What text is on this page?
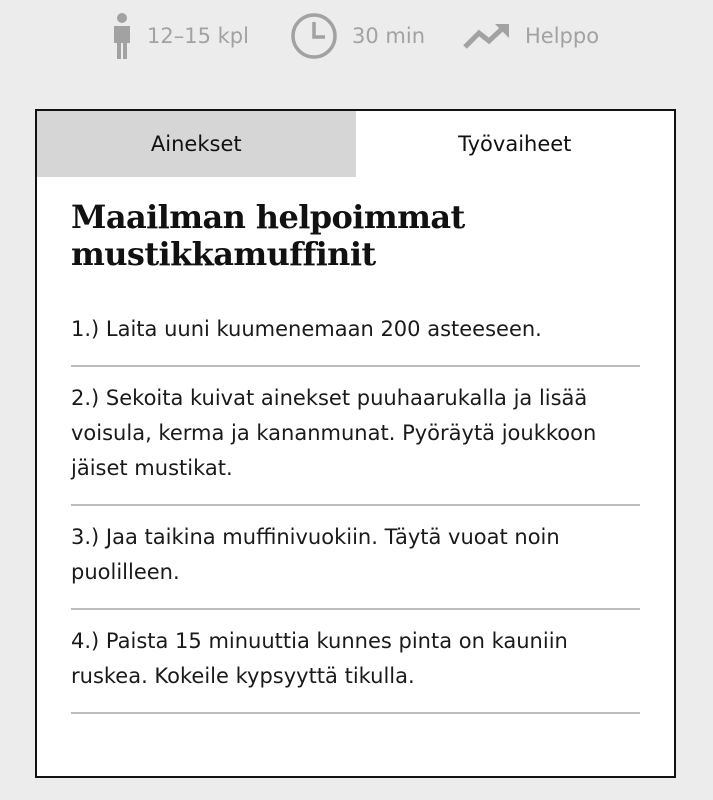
12–15 kpl	30 min	Helppo
Ainekset	Työvaiheet
Maailman helpoimmat mustikkamuffinit
1.) Laita uuni kuumenemaan 200 asteeseen.
2.) Sekoita kuivat ainekset puuhaarukalla ja lisää voisula, kerma ja kananmunat. Pyöräytä joukkoon jäiset mustikat.
3.) Jaa taikina muffinivuokiin. Täytä vuoat noin puolilleen.
4.) Paista 15 minuuttia kunnes pinta on kauniin ruskea. Kokeile kypsyyttä tikulla.
